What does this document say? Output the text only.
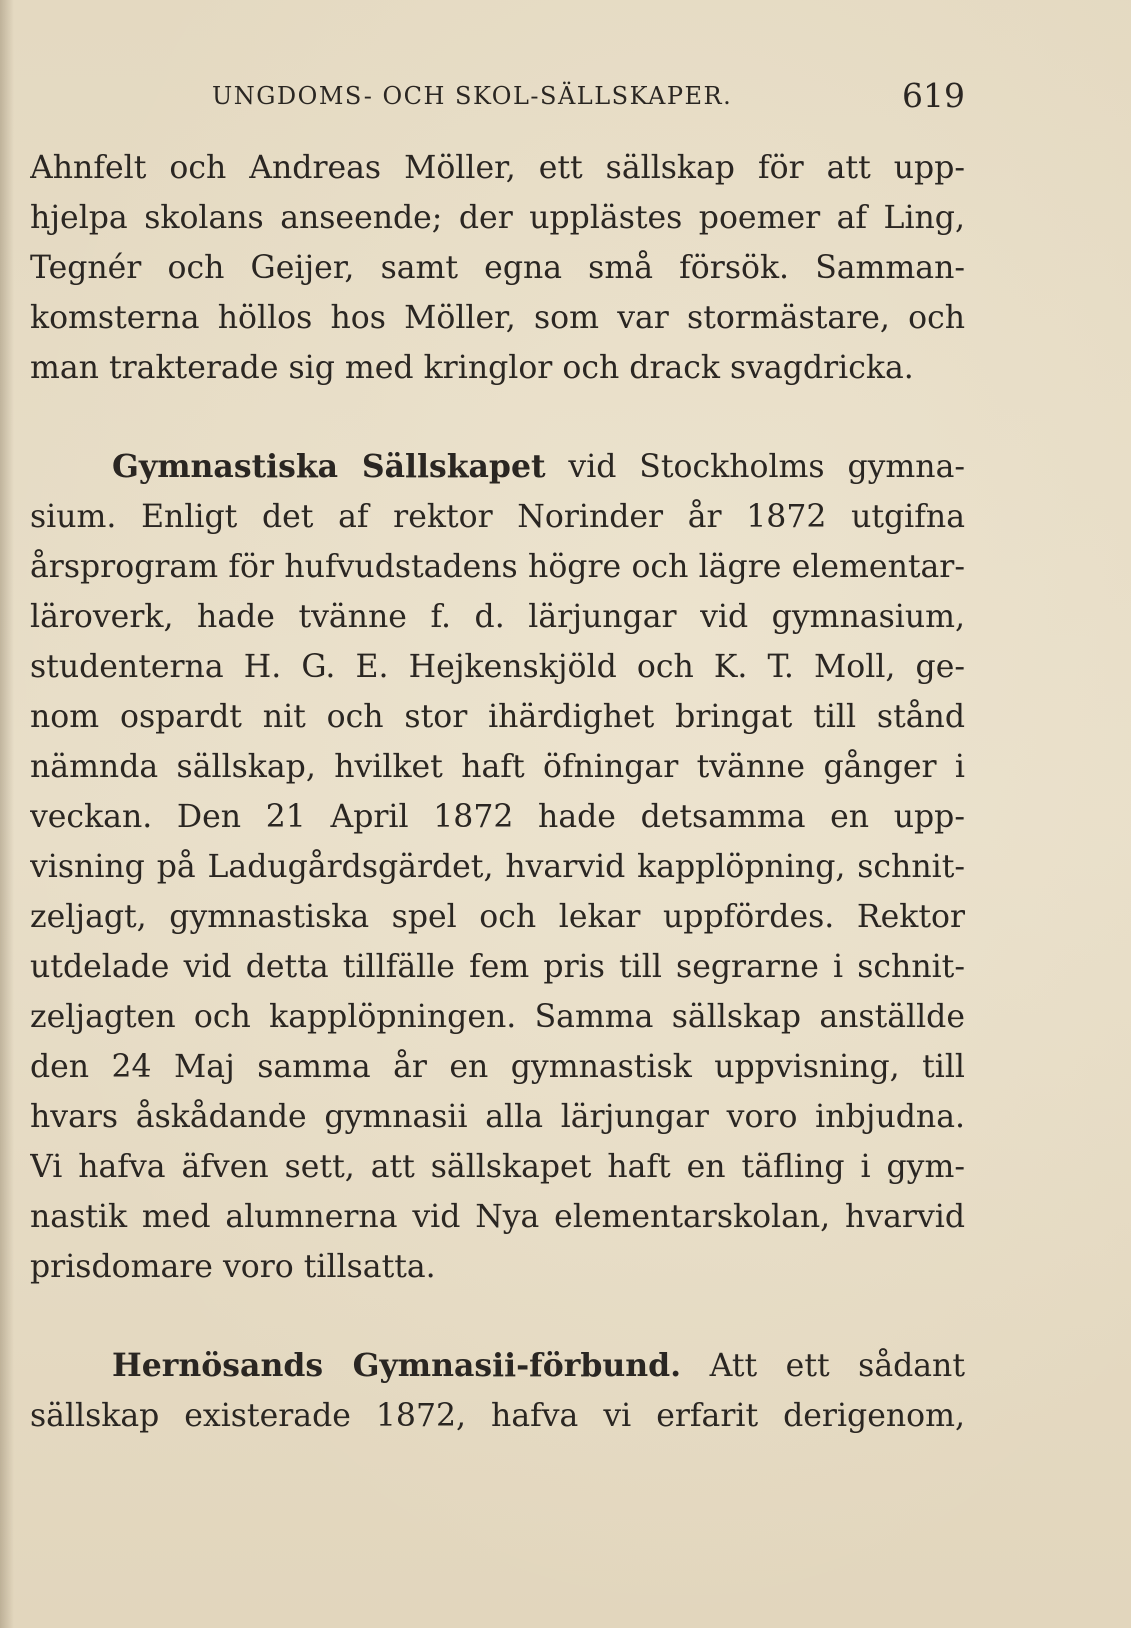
UNGDOMS- OCH SKOL-SÄLLSKAPER.	619
Ahnfelt och Andreas Möller, ett sällskap för att upp-
hjelpa skolans anseende; der upplästes poemer af Ling,
Tegnér och Geijer, samt egna små försök. Samman-
komsterna höllos hos Möller, som var stormästare, och
man trakterade sig med kringlor och drack svagdricka.
Gymnastiska Sällskapet vid Stockholms gymna-
sium. Enligt det af rektor Norinder år 1872 utgifna
årsprogram för hufvudstadens högre och lägre elementar-
läroverk, hade tvänne f. d. lärjungar vid gymnasium,
studenterna H. G. E. Hejkenskjöld och K. T. Moll, ge-
nom ospardt nit och stor ihärdighet bringat till stånd
nämnda sällskap, hvilket haft öfningar tvänne gånger i
veckan. Den 21 April 1872 hade detsamma en upp-
visning på Ladugårdsgärdet, hvarvid kapplöpning, schnit-
zeljagt, gymnastiska spel och lekar uppfördes. Rektor
utdelade vid detta tillfälle fem pris till segrarne i schnit-
zeljagten och kapplöpningen. Samma sällskap anställde
den 24 Maj samma år en gymnastisk uppvisning, till
hvars åskådande gymnasii alla lärjungar voro inbjudna.
Vi hafva äfven sett, att sällskapet haft en täfling i gym-
nastik med alumnerna vid Nya elementarskolan, hvarvid
prisdomare voro tillsatta.
Hernösands Gymnasii-förbund. Att ett sådant
sällskap existerade 1872, hafva vi erfarit derigenom,
